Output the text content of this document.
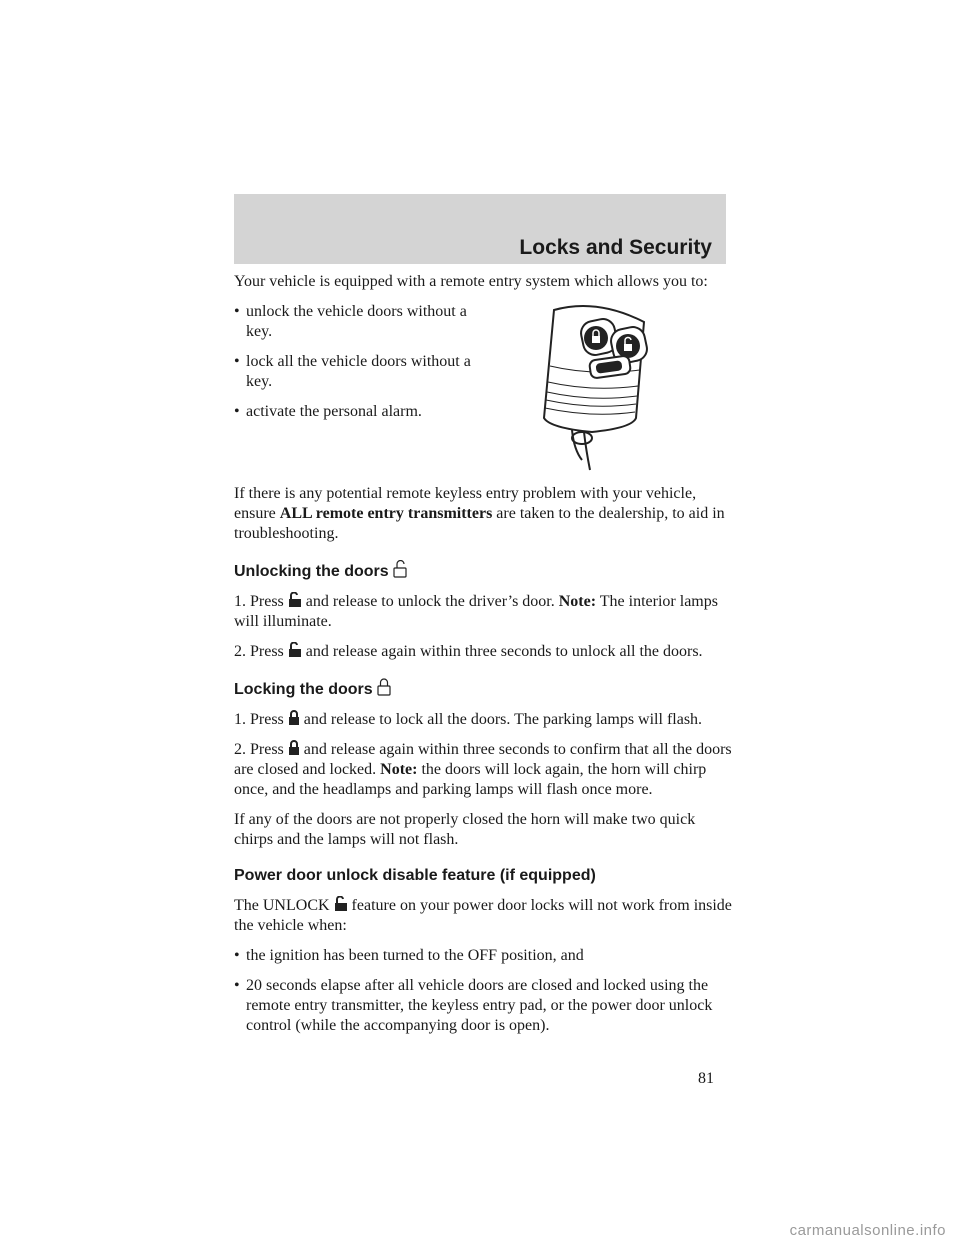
Locks and Security

Your vehicle is equipped with a remote entry system which allows you to:

• unlock the vehicle doors without a key.
• lock all the vehicle doors without a key.
• activate the personal alarm.

If there is any potential remote keyless entry problem with your vehicle, ensure ALL remote entry transmitters are taken to the dealership, to aid in troubleshooting.

Unlocking the doors

1. Press and release to unlock the driver’s door. Note: The interior lamps will illuminate.

2. Press and release again within three seconds to unlock all the doors.

Locking the doors

1. Press and release to lock all the doors. The parking lamps will flash.

2. Press and release again within three seconds to confirm that all the doors are closed and locked. Note: the doors will lock again, the horn will chirp once, and the headlamps and parking lamps will flash once more.

If any of the doors are not properly closed the horn will make two quick chirps and the lamps will not flash.

Power door unlock disable feature (if equipped)

The UNLOCK feature on your power door locks will not work from inside the vehicle when:

• the ignition has been turned to the OFF position, and
• 20 seconds elapse after all vehicle doors are closed and locked using the remote entry transmitter, the keyless entry pad, or the power door unlock control (while the accompanying door is open).
81
carmanualsonline.info
